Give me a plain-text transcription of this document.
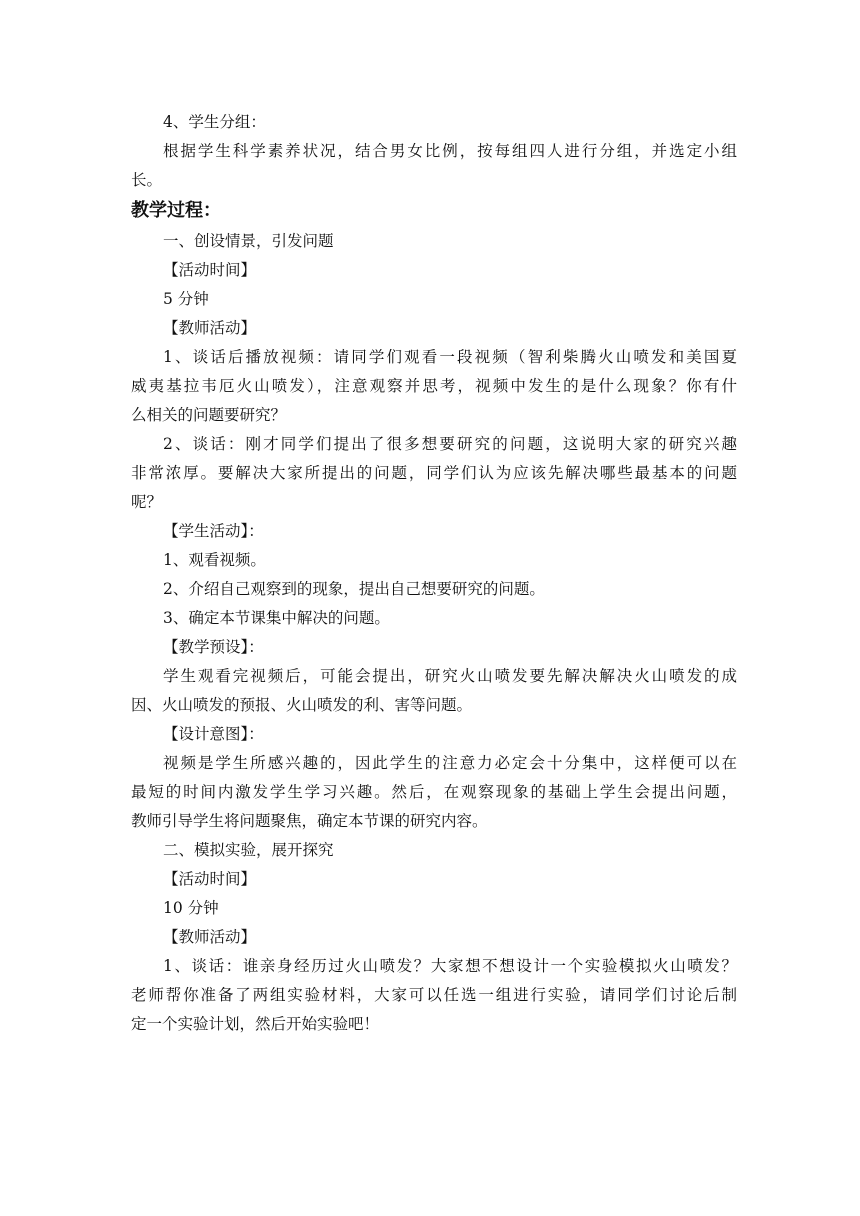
4、学生分组：
根据学生科学素养状况，结合男女比例，按每组四人进行分组，并选定小组
长。
教学过程：
一、创设情景，引发问题
【活动时间】
5 分钟
【教师活动】
1、谈话后播放视频：请同学们观看一段视频（智利柴腾火山喷发和美国夏
威夷基拉韦厄火山喷发），注意观察并思考，视频中发生的是什么现象？你有什
么相关的问题要研究？
2、谈话：刚才同学们提出了很多想要研究的问题，这说明大家的研究兴趣
非常浓厚。要解决大家所提出的问题，同学们认为应该先解决哪些最基本的问题
呢？
【学生活动】：
1、观看视频。
2、介绍自己观察到的现象，提出自己想要研究的问题。
3、确定本节课集中解决的问题。
【教学预设】：
学生观看完视频后，可能会提出，研究火山喷发要先解决解决火山喷发的成
因、火山喷发的预报、火山喷发的利、害等问题。
【设计意图】：
视频是学生所感兴趣的，因此学生的注意力必定会十分集中，这样便可以在
最短的时间内激发学生学习兴趣。然后，在观察现象的基础上学生会提出问题，
教师引导学生将问题聚焦，确定本节课的研究内容。
二、模拟实验，展开探究
【活动时间】
10 分钟
【教师活动】
1、谈话：谁亲身经历过火山喷发？大家想不想设计一个实验模拟火山喷发？
老师帮你准备了两组实验材料，大家可以任选一组进行实验，请同学们讨论后制
定一个实验计划，然后开始实验吧！
